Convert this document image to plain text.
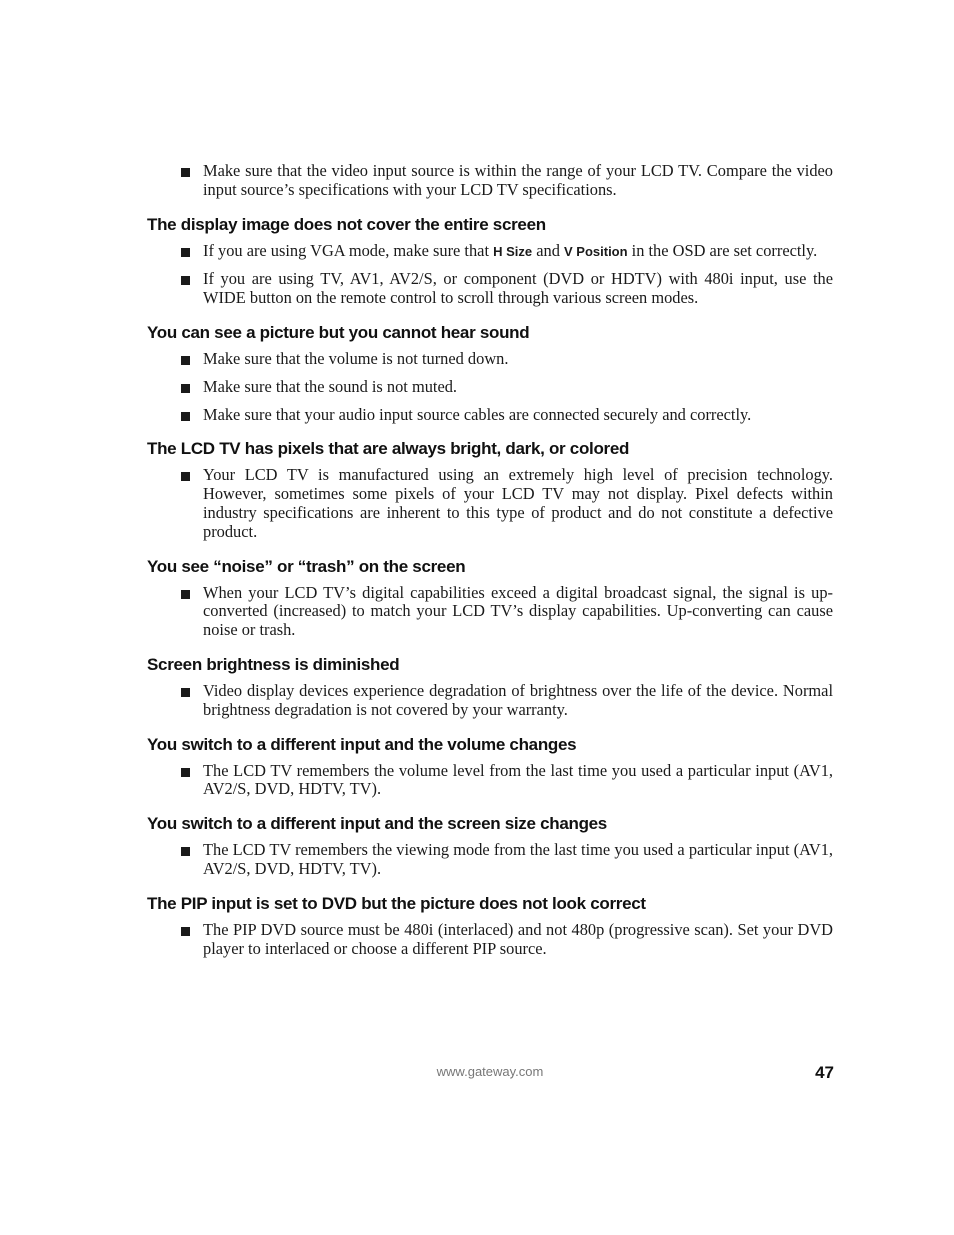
Make sure that the video input source is within the range of your LCD TV. Compare the video input source’s specifications with your LCD TV specifications.
The display image does not cover the entire screen
If you are using VGA mode, make sure that H Size and V Position in the OSD are set correctly.
If you are using TV, AV1, AV2/S, or component (DVD or HDTV) with 480i input, use the WIDE button on the remote control to scroll through various screen modes.
You can see a picture but you cannot hear sound
Make sure that the volume is not turned down.
Make sure that the sound is not muted.
Make sure that your audio input source cables are connected securely and correctly.
The LCD TV has pixels that are always bright, dark, or colored
Your LCD TV is manufactured using an extremely high level of precision technology. However, sometimes some pixels of your LCD TV may not display. Pixel defects within industry specifications are inherent to this type of product and do not constitute a defective product.
You see “noise” or “trash” on the screen
When your LCD TV’s digital capabilities exceed a digital broadcast signal, the signal is up-converted (increased) to match your LCD TV’s display capabilities. Up-converting can cause noise or trash.
Screen brightness is diminished
Video display devices experience degradation of brightness over the life of the device. Normal brightness degradation is not covered by your warranty.
You switch to a different input and the volume changes
The LCD TV remembers the volume level from the last time you used a particular input (AV1, AV2/S, DVD, HDTV, TV).
You switch to a different input and the screen size changes
The LCD TV remembers the viewing mode from the last time you used a particular input (AV1, AV2/S, DVD, HDTV, TV).
The PIP input is set to DVD but the picture does not look correct
The PIP DVD source must be 480i (interlaced) and not 480p (progressive scan). Set your DVD player to interlaced or choose a different PIP source.
www.gateway.com	47
